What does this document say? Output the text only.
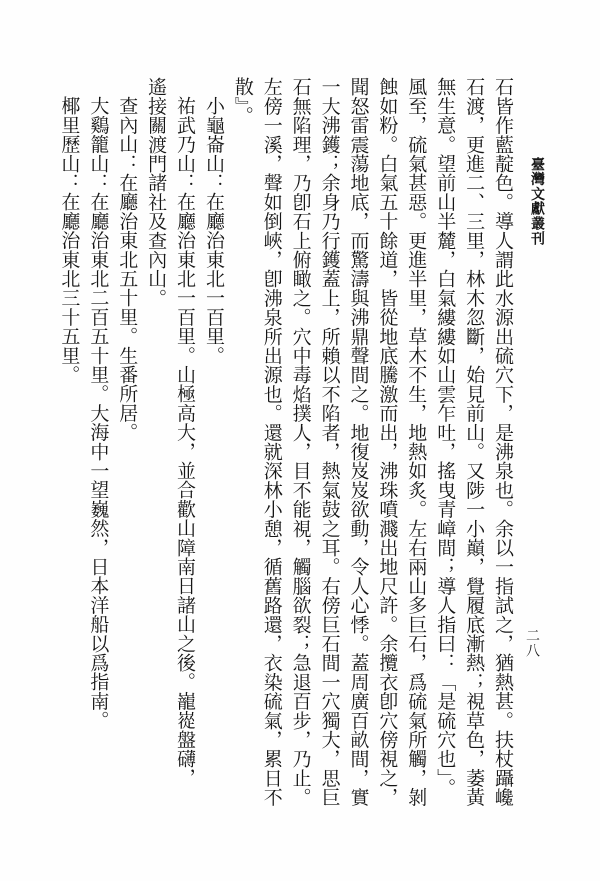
臺灣文獻叢刊
二八
石皆作藍靛色。導人謂此水源出硫穴下，是沸泉也。余以一指試之，猶熱甚。扶杖躡巉
石渡，更進二、三里，林木忽斷，始見前山。又陟一小巔，覺履底漸熱；視草色，萎黃
無生意。望前山半麓，白氣縷縷如山雲乍吐，搖曳青嶂間；導人指曰：「是硫穴也」。
風至，硫氣甚惡。更進半里，草木不生，地熱如炙。左右兩山多巨石，爲硫氣所觸，剝
蝕如粉。白氣五十餘道，皆從地底騰激而出，沸珠噴濺出地尺許。余攬衣卽穴傍視之，
聞怒雷震蕩地底，而驚濤與沸鼎聲間之。地復岌岌欲動，令人心悸。蓋周廣百畝間，實
一大沸鑊；余身乃行鑊蓋上，所賴以不陷者，熱氣鼓之耳。右傍巨石間一穴獨大，思巨
石無陷理，乃卽石上俯瞰之。穴中毒焰撲人，目不能視，觸腦欲裂；急退百步，乃止。
左傍一溪，聲如倒峽，卽沸泉所出源也。還就深林小憩，循舊路還，衣染硫氣，累日不
散』。
小龜崙山：在廳治東北一百里。
祐武乃山：在廳治東北一百里。山極高大，並合歡山障南日諸山之後。巃嵸盤礴，
遙接關渡門諸社及查內山。
查內山：在廳治東北五十里。生番所居。
大鷄籠山：在廳治東北二百五十里。大海中一望巍然，日本洋船以爲指南。
椰里歷山：在廳治東北三十五里。
